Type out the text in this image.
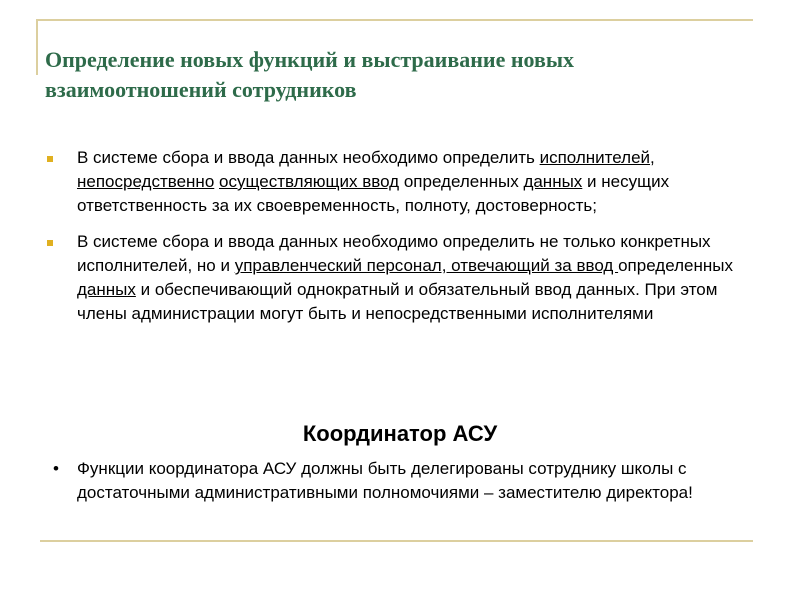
Определение новых функций и выстраивание новых
взаимоотношений сотрудников
В системе сбора и ввода данных необходимо определить исполнителей, непосредственно осуществляющих ввод определенных данных и несущих ответственность за их своевременность, полноту, достоверность;
В системе сбора и ввода данных необходимо определить не только конкретных исполнителей, но и управленческий персонал, отвечающий за ввод определенных данных и обеспечивающий однократный и обязательный ввод данных. При этом члены администрации могут быть и непосредственными исполнителями
Координатор АСУ
• Функции координатора АСУ должны быть делегированы сотруднику школы с достаточными административными полномочиями – заместителю директора!
